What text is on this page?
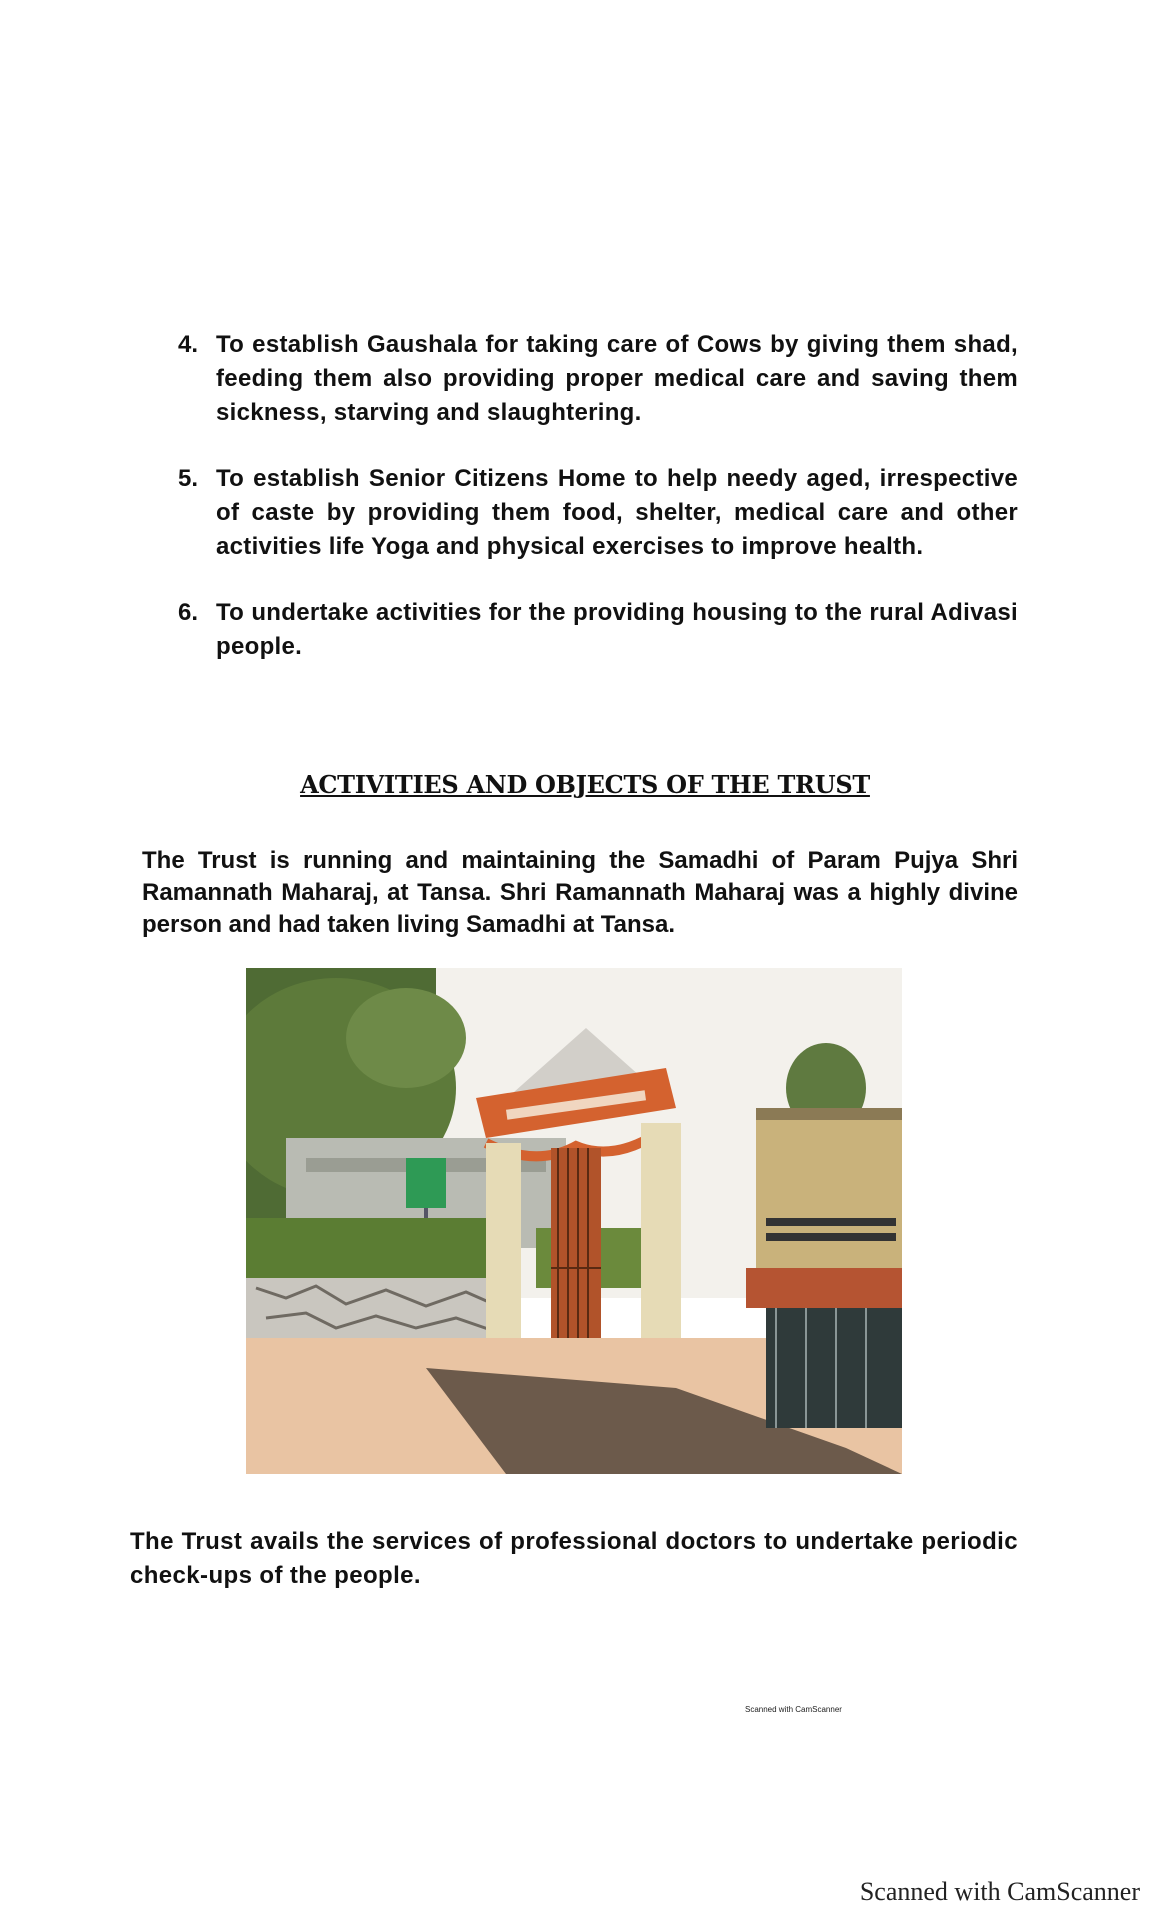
4. To establish Gaushala for taking care of Cows by giving them shad, feeding them also providing proper medical care and saving them sickness, starving and slaughtering.
5. To establish Senior Citizens Home to help needy aged, irrespective of caste by providing them food, shelter, medical care and other activities life Yoga and physical exercises to improve health.
6. To undertake activities for the providing housing to the rural Adivasi people.
ACTIVITIES AND OBJECTS OF THE TRUST
The Trust is running and maintaining the Samadhi of Param Pujya Shri Ramannath Maharaj, at Tansa. Shri Ramannath Maharaj was a highly divine person and had taken living Samadhi at Tansa.
The Trust avails the services of professional doctors to undertake periodic check-ups of the people.
Scanned with CamScanner
Scanned with CamScanner
